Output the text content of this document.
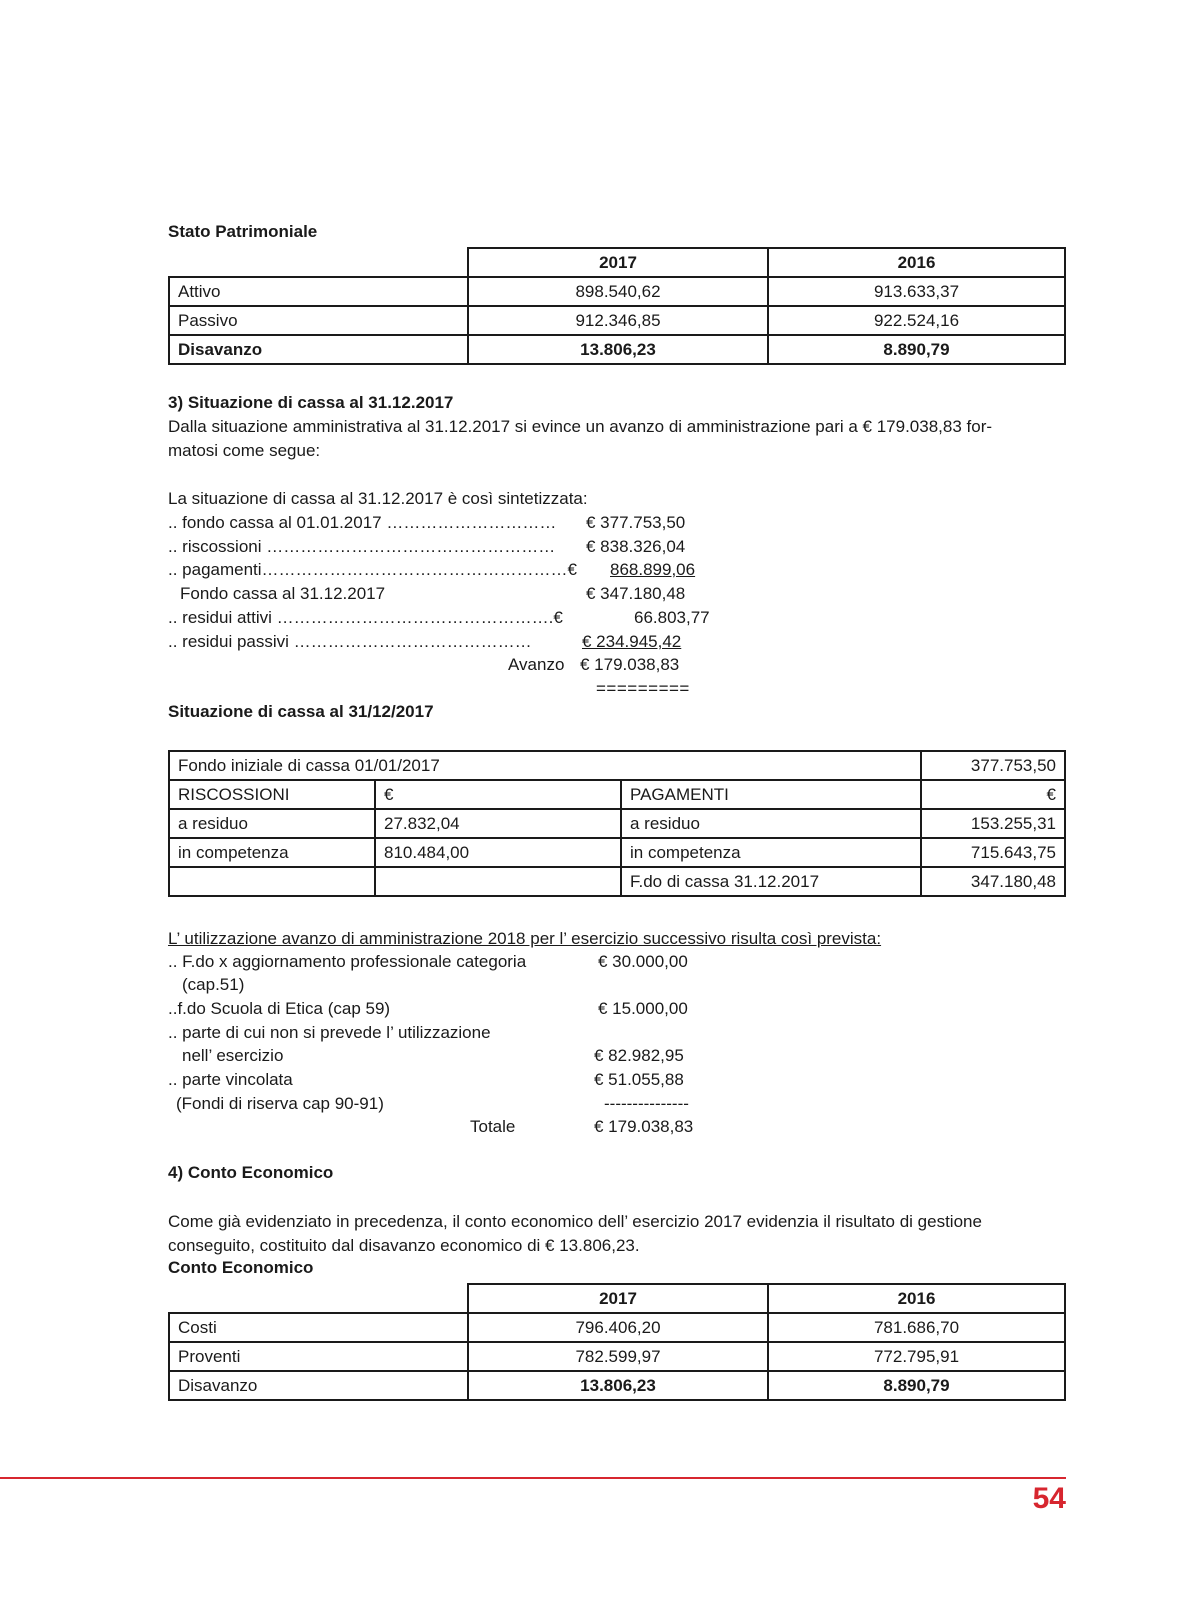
Stato Patrimoniale
	2017	2016
Attivo	898.540,62	913.633,37
Passivo	912.346,85	922.524,16
Disavanzo	13.806,23	8.890,79
3) Situazione di cassa al 31.12.2017
Dalla situazione amministrativa al 31.12.2017 si evince un avanzo di amministrazione pari a € 179.038,83 for-
matosi come segue:
La situazione di cassa al 31.12.2017 è così sintetizzata:
.. fondo cassa al 01.01.2017 ………………………… € 377.753,50
.. riscossioni …………………………………………… € 838.326,04
.. pagamenti………………………………………………€ 868.899,06
Fondo cassa al 31.12.2017	€ 347.180,48
.. residui attivi ………………………………………….€	66.803,77
.. residui passivi ……………………………………	€ 234.945,42
Avanzo € 179.038,83
=========
Situazione di cassa al 31/12/2017
Fondo iniziale di cassa 01/01/2017			377.753,50
RISCOSSIONI	€	PAGAMENTI	€
a residuo	27.832,04	a residuo	153.255,31
in competenza	810.484,00	in competenza	715.643,75
		F.do di cassa 31.12.2017	347.180,48
L’ utilizzazione avanzo di amministrazione 2018 per l’ esercizio successivo risulta così prevista:
.. F.do x aggiornamento professionale categoria	€ 30.000,00
(cap.51)
..f.do Scuola di Etica (cap 59)	€ 15.000,00
.. parte di cui non si prevede l’ utilizzazione
nell’ esercizio	€ 82.982,95
.. parte vincolata	€ 51.055,88
(Fondi di riserva cap 90-91)	---------------
Totale	€ 179.038,83
4) Conto Economico
Come già evidenziato in precedenza, il conto economico dell’ esercizio 2017 evidenzia il risultato di gestione
conseguito, costituito dal disavanzo economico di € 13.806,23.
Conto Economico
	2017	2016
Costi	796.406,20	781.686,70
Proventi	782.599,97	772.795,91
Disavanzo	13.806,23	8.890,79
54
